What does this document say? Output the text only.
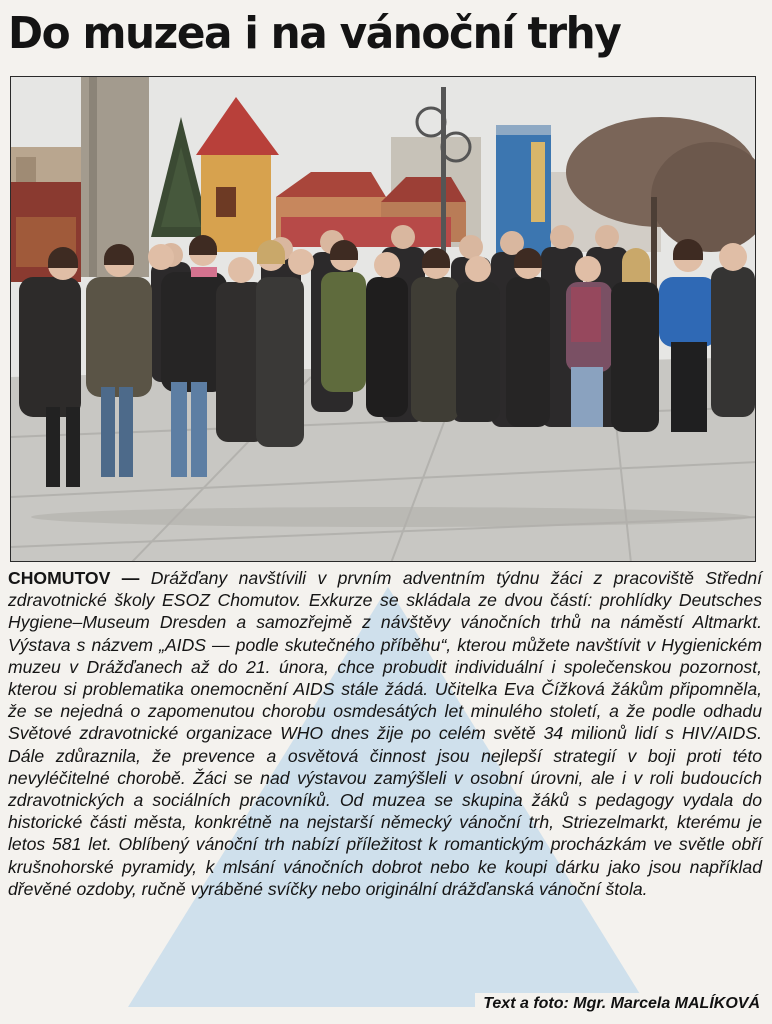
Do muzea i na vánoční trhy
CHOMUTOV — Drážďany navštívili v prvním adventním týdnu žáci z pracoviště Střední zdravotnické školy ESOZ Chomutov. Exkurze se skládala ze dvou částí: prohlídky Deutsches Hygiene–Museum Dresden a samozřejmě z návštěvy vánočních trhů na náměstí Altmarkt. Výstava s názvem „AIDS — podle skutečného příběhu“, kterou můžete navštívit v Hygienickém muzeu v Drážďanech až do 21. února, chce probudit individuální i společenskou pozornost, kterou si problematika onemocnění AIDS stále žádá. Učitelka Eva Čížková žákům připomněla, že se nejedná o zapomenutou chorobu osmdesátých let minulého století, a že podle odhadu Světové zdravotnické organizace WHO dnes žije po celém světě 34 milionů lidí s HIV/AIDS. Dále zdůraznila, že prevence a osvětová činnost jsou nejlepší strategií v boji proti této nevyléčitelné chorobě. Žáci se nad výstavou zamýšleli v osobní úrovni, ale i v roli budoucích zdravotnických a sociálních pracovníků. Od muzea se skupina žáků s pedagogy vydala do historické části města, konkrétně na nejstarší německý vánoční trh, Striezelmarkt, kterému je letos 581 let. Oblíbený vánoční trh nabízí příležitost k romantickým procházkám ve světle obří krušnohorské pyramidy, k mlsání vánočních dobrot nebo ke koupi dárku jako jsou například dřevěné ozdoby, ručně vyráběné svíčky nebo originální drážďanská vánoční štola.
Text a foto: Mgr. Marcela MALÍKOVÁ
